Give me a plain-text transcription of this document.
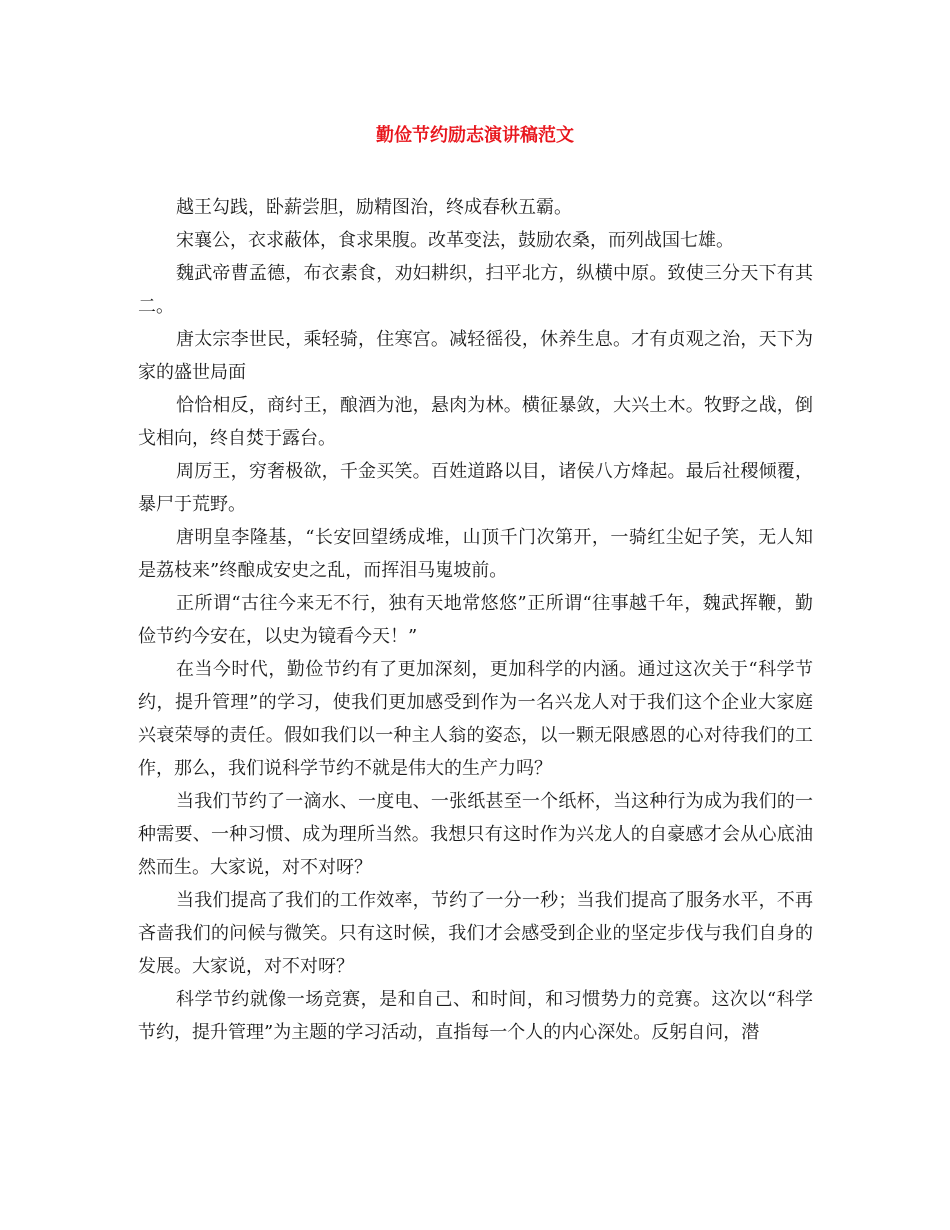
勤俭节约励志演讲稿范文

越王勾践，卧薪尝胆，励精图治，终成春秋五霸。

宋襄公，衣求蔽体，食求果腹。改革变法，鼓励农桑，而列战国七雄。

魏武帝曹孟德，布衣素食，劝妇耕织，扫平北方，纵横中原。致使三分天下有其二。

唐太宗李世民，乘轻骑，住寒宫。减轻徭役，休养生息。才有贞观之治，天下为家的盛世局面

恰恰相反，商纣王，酿酒为池，悬肉为林。横征暴敛，大兴土木。牧野之战，倒戈相向，终自焚于露台。

周厉王，穷奢极欲，千金买笑。百姓道路以目，诸侯八方烽起。最后社稷倾覆，暴尸于荒野。

唐明皇李隆基，“长安回望绣成堆，山顶千门次第开，一骑红尘妃子笑，无人知是荔枝来”终酿成安史之乱，而挥泪马嵬坡前。

正所谓“古往今来无不行，独有天地常悠悠”正所谓“往事越千年，魏武挥鞭，勤俭节约今安在，以史为镜看今天！”

在当今时代，勤俭节约有了更加深刻，更加科学的内涵。通过这次关于“科学节约，提升管理”的学习，使我们更加感受到作为一名兴龙人对于我们这个企业大家庭兴衰荣辱的责任。假如我们以一种主人翁的姿态，以一颗无限感恩的心对待我们的工作，那么，我们说科学节约不就是伟大的生产力吗？

当我们节约了一滴水、一度电、一张纸甚至一个纸杯，当这种行为成为我们的一种需要、一种习惯、成为理所当然。我想只有这时作为兴龙人的自豪感才会从心底油然而生。大家说，对不对呀？

当我们提高了我们的工作效率，节约了一分一秒；当我们提高了服务水平，不再吝啬我们的问候与微笑。只有这时候，我们才会感受到企业的坚定步伐与我们自身的发展。大家说，对不对呀？

科学节约就像一场竞赛，是和自己、和时间，和习惯势力的竞赛。这次以“科学节约，提升管理”为主题的学习活动，直指每一个人的内心深处。反躬自问，潜
